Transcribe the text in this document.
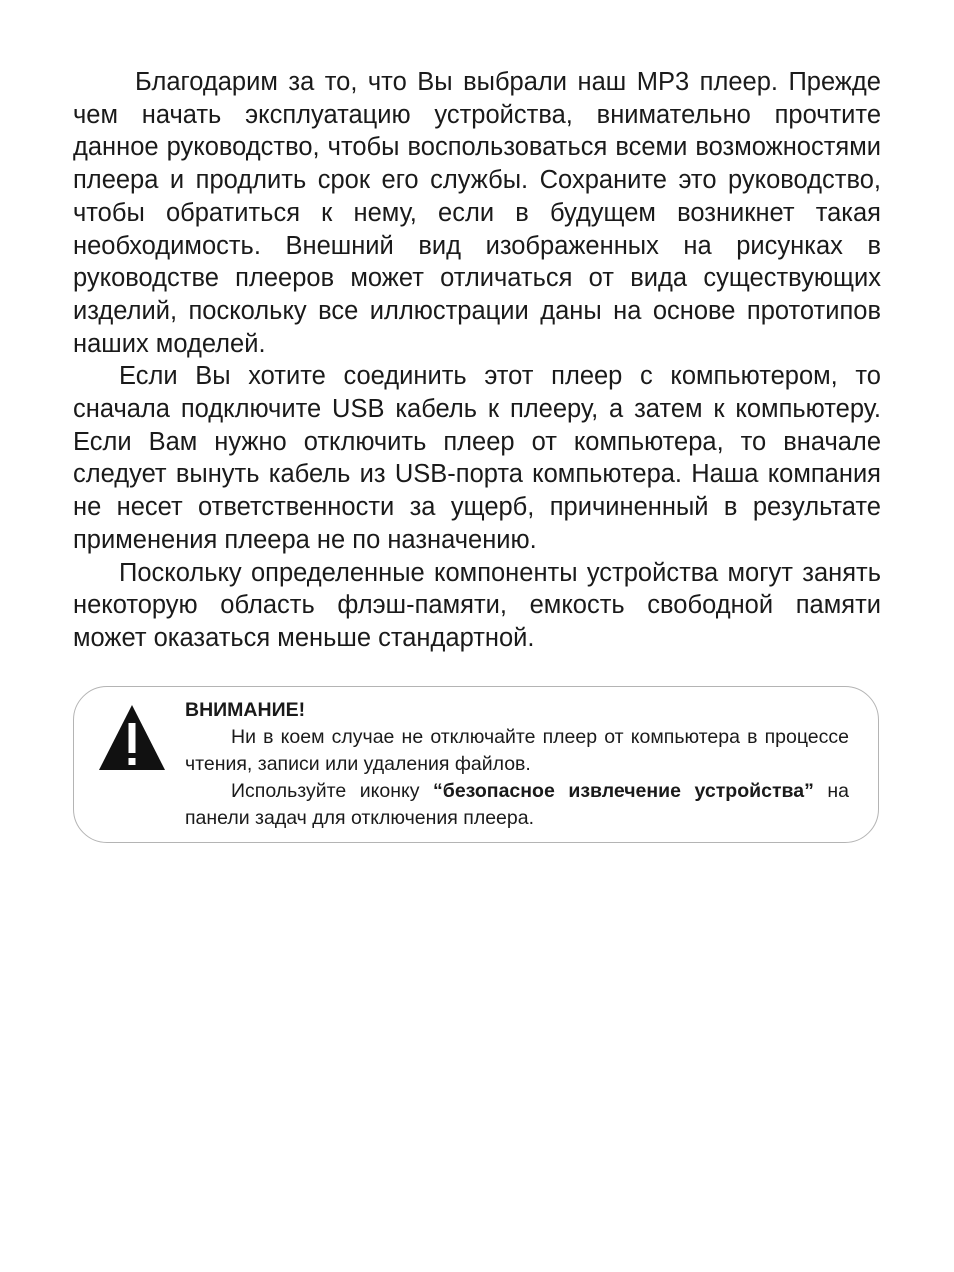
Благодарим за то, что Вы выбрали наш MP3 плеер. Прежде чем начать эксплуатацию устройства, внимательно прочтите данное руководство, чтобы воспользоваться всеми возможностями плеера и продлить срок его службы. Сохраните это руководство, чтобы обратиться к нему, если в будущем возникнет такая необходимость. Внешний вид изображенных на рисунках в руководстве плееров может отличаться от вида существующих изделий, поскольку все иллюстрации даны на основе прототипов наших моделей.

Если Вы хотите соединить этот плеер с компьютером, то сначала подключите USB кабель к плееру, а затем к компьютеру. Если Вам нужно отключить плеер от компьютера, то вначале следует вынуть кабель из USB-порта компьютера. Наша компания не несет ответственности за ущерб, причиненный в результате применения плеера не по назначению.

Поскольку определенные компоненты устройства могут занять некоторую область флэш-памяти, емкость свободной памяти может оказаться меньше стандартной.

ВНИМАНИЕ!

Ни в коем случае не отключайте плеер от компьютера в процессе чтения, записи или удаления файлов.

Используйте иконку “безопасное извлечение устройства” на панели задач для отключения плеера.
